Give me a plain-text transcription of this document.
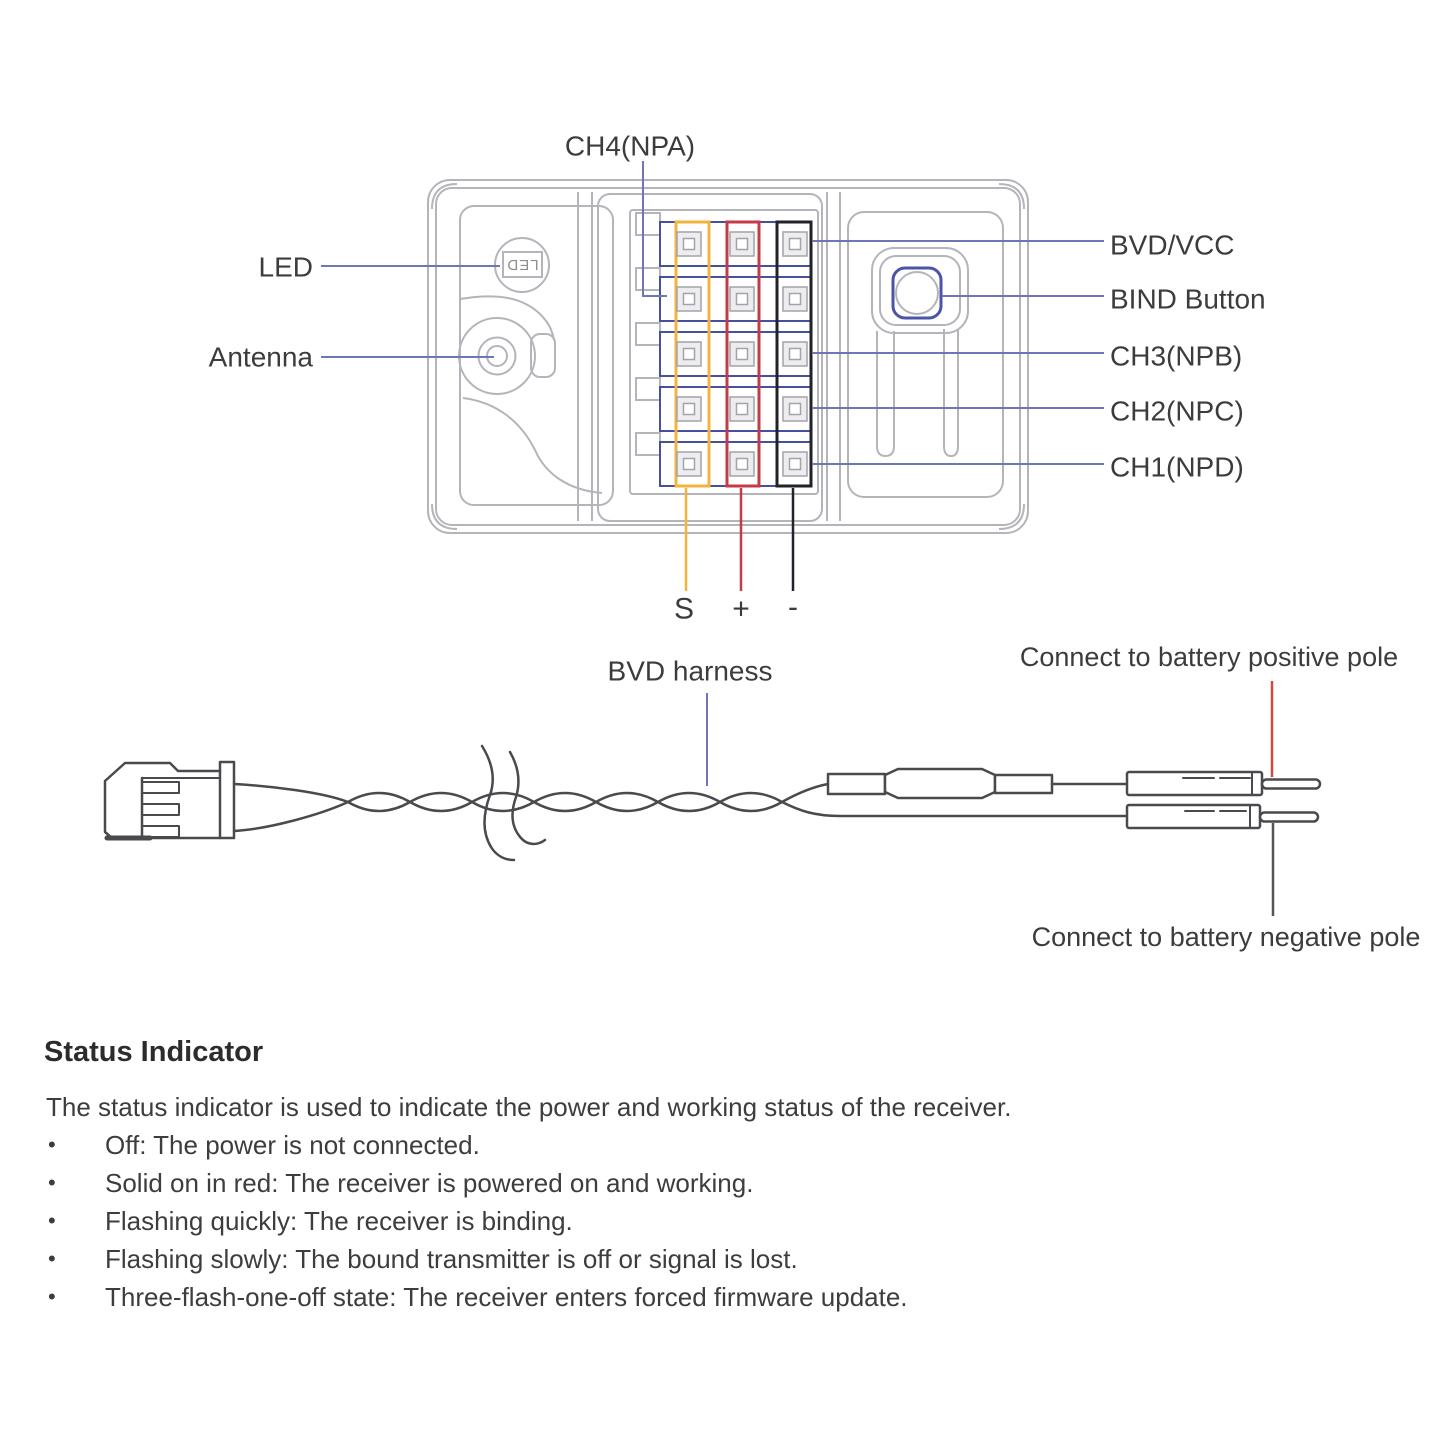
LED
CH4(NPA)
LED
Antenna
BVD/VCC
BIND Button
CH3(NPB)
CH2(NPC)
CH1(NPD)
S + -
BVD harness	Connect to battery positive pole
Connect to battery negative pole
Status Indicator
The status indicator is used to indicate the power and working status of the receiver.
• Off: The power is not connected.
• Solid on in red: The receiver is powered on and working.
• Flashing quickly: The receiver is binding.
• Flashing slowly: The bound transmitter is off or signal is lost.
• Three-flash-one-off state: The receiver enters forced firmware update.
